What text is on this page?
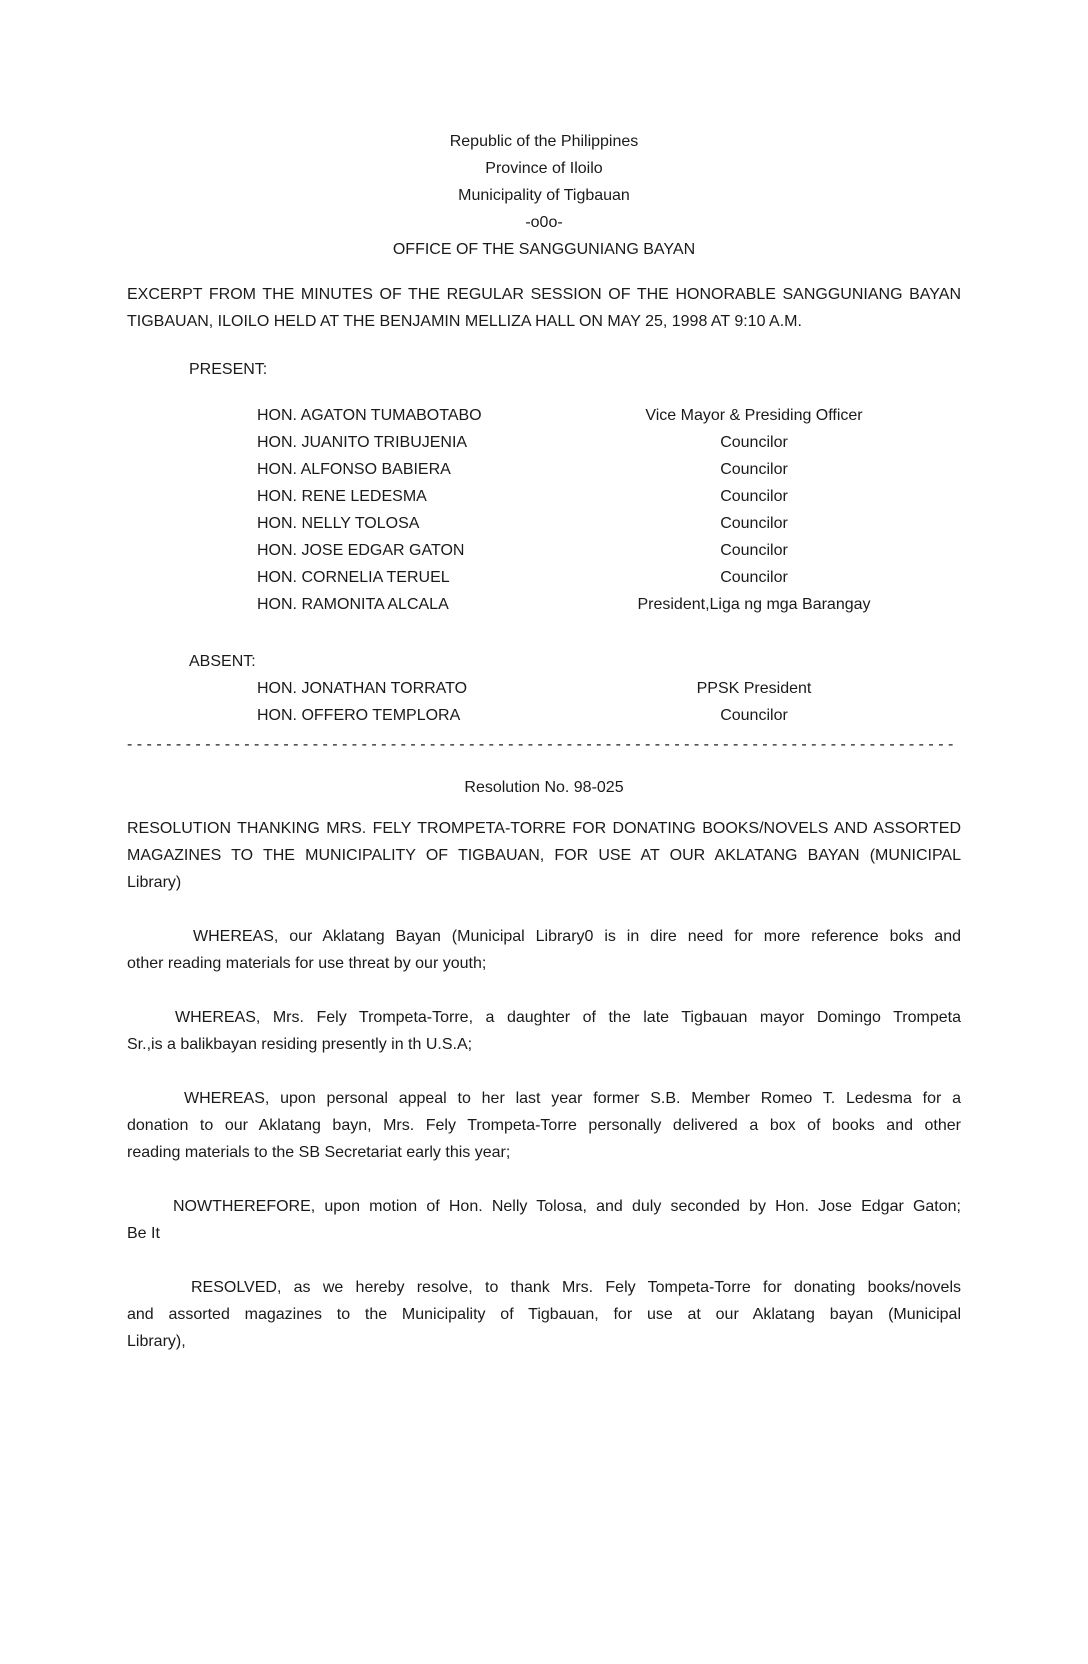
Republic of the Philippines
Province of Iloilo
Municipality of Tigbauan
-o0o-
OFFICE OF THE SANGGUNIANG BAYAN
EXCERPT FROM THE MINUTES OF THE REGULAR SESSION OF THE HONORABLE SANGGUNIANG BAYAN
TIGBAUAN, ILOILO HELD AT THE BENJAMIN MELLIZA HALL ON MAY 25, 1998 AT 9:10 A.M.
PRESENT:
HON. AGATON TUMABOTABO	Vice Mayor & Presiding Officer
HON. JUANITO TRIBUJENIA	Councilor
HON. ALFONSO BABIERA	Councilor
HON. RENE LEDESMA	Councilor
HON. NELLY TOLOSA	Councilor
HON. JOSE EDGAR GATON	Councilor
HON. CORNELIA TERUEL	Councilor
HON. RAMONITA ALCALA	President,Liga ng mga Barangay
ABSENT:
HON. JONATHAN TORRATO	PPSK President
HON. OFFERO TEMPLORA	Councilor
- - - - - - - - - - - - - - - - - - - - - - - - - - - - - - - - - - - - - - - - - - - - - - - - - - - - - - - - - - - - - - - - - - - - - - - - - - - - - - - - - - - - -
Resolution No. 98-025
RESOLUTION THANKING MRS. FELY TROMPETA-TORRE FOR DONATING BOOKS/NOVELS AND ASSORTED
MAGAZINES TO THE MUNICIPALITY OF TIGBAUAN, FOR USE AT OUR AKLATANG BAYAN (MUNICIPAL
Library)
WHEREAS, our Aklatang Bayan (Municipal Library0 is in dire need for more reference boks and
other reading materials for use threat by our youth;
WHEREAS, Mrs. Fely Trompeta-Torre, a daughter of the late Tigbauan mayor Domingo Trompeta
Sr.,is a balikbayan residing presently in th U.S.A;
WHEREAS, upon personal appeal to her last year former S.B. Member Romeo T. Ledesma for a
donation to our Aklatang bayn, Mrs. Fely Trompeta-Torre personally delivered a box of books and other
reading materials to the SB Secretariat early this year;
NOWTHEREFORE, upon motion of Hon. Nelly Tolosa, and duly seconded by Hon. Jose Edgar Gaton;
Be It
RESOLVED, as we hereby resolve, to thank Mrs. Fely Tompeta-Torre for donating books/novels
and assorted magazines to the Municipality of Tigbauan, for use at our Aklatang bayan (Municipal
Library),
